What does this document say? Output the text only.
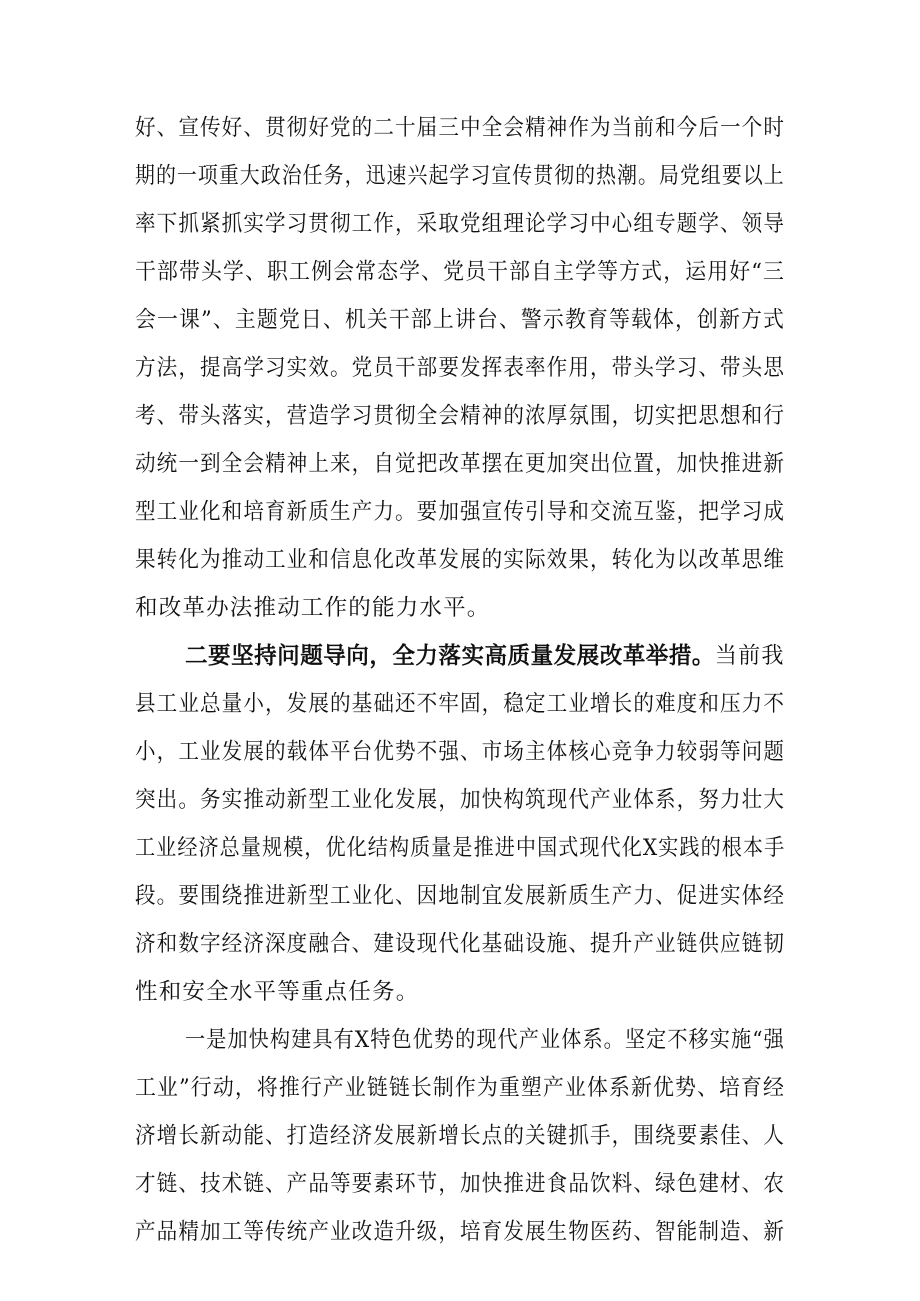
好、宣传好、贯彻好党的二十届三中全会精神作为当前和今后一个时
期的一项重大政治任务，迅速兴起学习宣传贯彻的热潮。局党组要以上
率下抓紧抓实学习贯彻工作，采取党组理论学习中心组专题学、领导
干部带头学、职工例会常态学、党员干部自主学等方式，运用好“三
会一课”、主题党日、机关干部上讲台、警示教育等载体，创新方式
方法，提高学习实效。党员干部要发挥表率作用，带头学习、带头思
考、带头落实，营造学习贯彻全会精神的浓厚氛围，切实把思想和行
动统一到全会精神上来，自觉把改革摆在更加突出位置，加快推进新
型工业化和培育新质生产力。要加强宣传引导和交流互鉴，把学习成
果转化为推动工业和信息化改革发展的实际效果，转化为以改革思维
和改革办法推动工作的能力水平。
二要坚持问题导向，全力落实高质量发展改革举措。当前我
县工业总量小，发展的基础还不牢固，稳定工业增长的难度和压力不
小，工业发展的载体平台优势不强、市场主体核心竞争力较弱等问题
突出。务实推动新型工业化发展，加快构筑现代产业体系，努力壮大
工业经济总量规模，优化结构质量是推进中国式现代化X实践的根本手
段。要围绕推进新型工业化、因地制宜发展新质生产力、促进实体经
济和数字经济深度融合、建设现代化基础设施、提升产业链供应链韧
性和安全水平等重点任务。
一是加快构建具有X特色优势的现代产业体系。坚定不移实施“强
工业”行动，将推行产业链链长制作为重塑产业体系新优势、培育经
济增长新动能、打造经济发展新增长点的关键抓手，围绕要素佳、人
才链、技术链、产品等要素环节，加快推进食品饮料、绿色建材、农
产品精加工等传统产业改造升级，培育发展生物医药、智能制造、新
